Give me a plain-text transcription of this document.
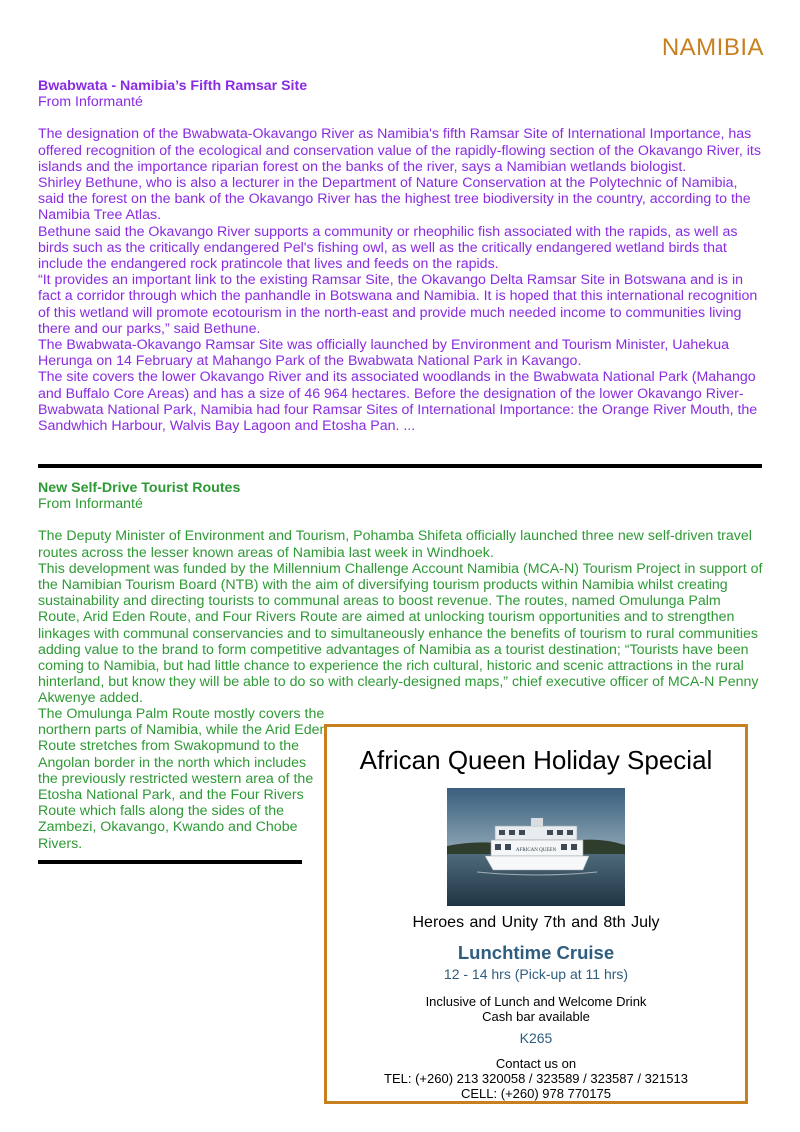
NAMIBIA
Bwabwata - Namibia’s Fifth Ramsar Site
From Informanté

The designation of the Bwabwata-Okavango River as Namibia's fifth Ramsar Site of International Importance, has offered recognition of the ecological and conservation value of the rapidly-flowing section of the Okavango River, its islands and the importance riparian forest on the banks of the river, says a Namibian wetlands biologist.

Shirley Bethune, who is also a lecturer in the Department of Nature Conservation at the Polytechnic of Namibia, said the forest on the bank of the Okavango River has the highest tree biodiversity in the country, according to the Namibia Tree Atlas.

Bethune said the Okavango River supports a community or rheophilic fish associated with the rapids, as well as birds such as the critically endangered Pel's fishing owl, as well as the critically endangered wetland birds that include the endangered rock pratincole that lives and feeds on the rapids.

“It provides an important link to the existing Ramsar Site, the Okavango Delta Ramsar Site in Botswana and is in fact a corridor through which the panhandle in Botswana and Namibia. It is hoped that this international recognition of this wetland will promote ecotourism in the north-east and provide much needed income to communities living there and our parks,” said Bethune.

The Bwabwata-Okavango Ramsar Site was officially launched by Environment and Tourism Minister, Uahekua Herunga on 14 February at Mahango Park of the Bwabwata National Park in Kavango.

The site covers the lower Okavango River and its associated woodlands in the Bwabwata National Park (Mahango and Buffalo Core Areas) and has a size of 46 964 hectares. Before the designation of the lower Okavango River-Bwabwata National Park, Namibia had four Ramsar Sites of International Importance: the Orange River Mouth, the Sandwhich Harbour, Walvis Bay Lagoon and Etosha Pan. ...

New Self-Drive Tourist Routes
From Informanté

The Deputy Minister of Environment and Tourism, Pohamba Shifeta officially launched three new self-driven travel routes across the lesser known areas of Namibia last week in Windhoek.

This development was funded by the Millennium Challenge Account Namibia (MCA-N) Tourism Project in support of the Namibian Tourism Board (NTB) with the aim of diversifying tourism products within Namibia whilst creating sustainability and directing tourists to communal areas to boost revenue. The routes, named Omulunga Palm Route, Arid Eden Route, and Four Rivers Route are aimed at unlocking tourism opportunities and to strengthen linkages with communal conservancies and to simultaneously enhance the benefits of tourism to rural communities adding value to the brand to form competitive advantages of Namibia as a tourist destination; “Tourists have been coming to Namibia, but had little chance to experience the rich cultural, historic and scenic attractions in the rural hinterland, but know they will be able to do so with clearly-designed maps,” chief executive officer of MCA-N Penny Akwenye added.

The Omulunga Palm Route mostly covers the northern parts of Namibia, while the Arid Eden Route stretches from Swakopmund to the Angolan border in the north which includes the previously restricted western area of the Etosha National Park, and the Four Rivers Route which falls along the sides of the Zambezi, Okavango, Kwando and Chobe Rivers.
African Queen Holiday Special
AFRICAN QUEEN
Heroes and Unity 7th and 8th July
Lunchtime Cruise
12 - 14 hrs (Pick-up at 11 hrs)
Inclusive of Lunch and Welcome Drink
Cash bar available
K265
Contact us on
TEL: (+260) 213 320058 / 323589 / 323587 / 321513
CELL: (+260) 978 770175
